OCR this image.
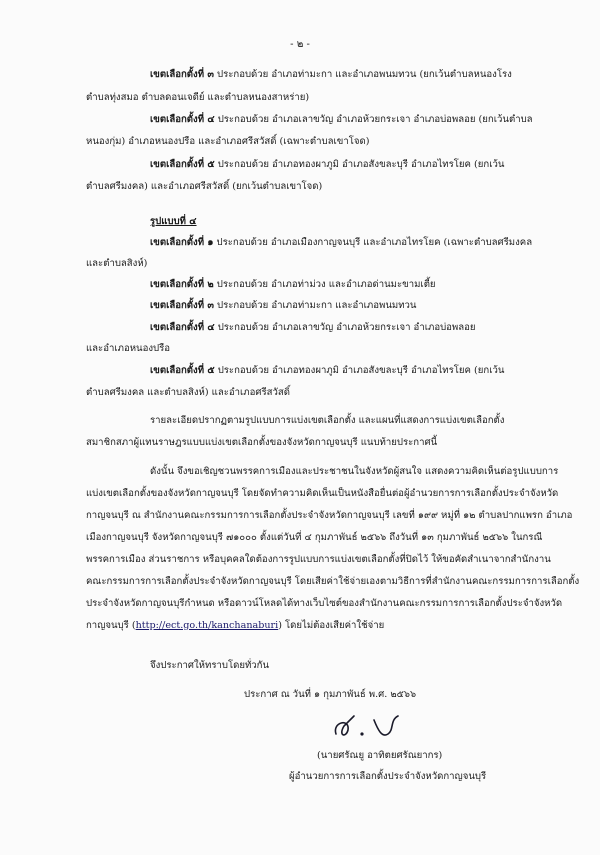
- ๒ -
เขตเลือกตั้งที่ ๓ ประกอบด้วย อำเภอท่ามะกา และอำเภอพนมทวน (ยกเว้นตำบลหนองโรง
ตำบลทุ่งสมอ ตำบลดอนเจดีย์ และตำบลหนองสาหร่าย)
เขตเลือกตั้งที่ ๔ ประกอบด้วย อำเภอเลาขวัญ อำเภอห้วยกระเจา อำเภอบ่อพลอย (ยกเว้นตำบล
หนองกุ่ม) อำเภอหนองปรือ และอำเภอศรีสวัสดิ์ (เฉพาะตำบลเขาโจด)
เขตเลือกตั้งที่ ๕ ประกอบด้วย อำเภอทองผาภูมิ อำเภอสังขละบุรี อำเภอไทรโยค (ยกเว้น
ตำบลศรีมงคล) และอำเภอศรีสวัสดิ์ (ยกเว้นตำบลเขาโจด)
รูปแบบที่ ๔
เขตเลือกตั้งที่ ๑ ประกอบด้วย อำเภอเมืองกาญจนบุรี และอำเภอไทรโยค (เฉพาะตำบลศรีมงคล
และตำบลสิงห์)
เขตเลือกตั้งที่ ๒ ประกอบด้วย อำเภอท่าม่วง และอำเภอด่านมะขามเตี้ย
เขตเลือกตั้งที่ ๓ ประกอบด้วย อำเภอท่ามะกา และอำเภอพนมทวน
เขตเลือกตั้งที่ ๔ ประกอบด้วย อำเภอเลาขวัญ อำเภอห้วยกระเจา อำเภอบ่อพลอย
และอำเภอหนองปรือ
เขตเลือกตั้งที่ ๕ ประกอบด้วย อำเภอทองผาภูมิ อำเภอสังขละบุรี อำเภอไทรโยค (ยกเว้น
ตำบลศรีมงคล และตำบลสิงห์) และอำเภอศรีสวัสดิ์
รายละเอียดปรากฏตามรูปแบบการแบ่งเขตเลือกตั้ง และแผนที่แสดงการแบ่งเขตเลือกตั้ง
สมาชิกสภาผู้แทนราษฎรแบบแบ่งเขตเลือกตั้งของจังหวัดกาญจนบุรี แนบท้ายประกาศนี้
ดังนั้น จึงขอเชิญชวนพรรคการเมืองและประชาชนในจังหวัดผู้สนใจ แสดงความคิดเห็นต่อรูปแบบการ
แบ่งเขตเลือกตั้งของจังหวัดกาญจนบุรี โดยจัดทำความคิดเห็นเป็นหนังสือยื่นต่อผู้อำนวยการการเลือกตั้งประจำจังหวัด
กาญจนบุรี ณ สำนักงานคณะกรรมการการเลือกตั้งประจำจังหวัดกาญจนบุรี เลขที่ ๑๙๙ หมู่ที่ ๑๒ ตำบลปากแพรก อำเภอ
เมืองกาญจนบุรี จังหวัดกาญจนบุรี ๗๑๐๐๐ ตั้งแต่วันที่ ๔ กุมภาพันธ์ ๒๕๖๖ ถึงวันที่ ๑๓ กุมภาพันธ์ ๒๕๖๖ ในกรณี
พรรคการเมือง ส่วนราชการ หรือบุคคลใดต้องการรูปแบบการแบ่งเขตเลือกตั้งที่ปิดไว้ ให้ขอคัดสำเนาจากสำนักงาน
คณะกรรมการการเลือกตั้งประจำจังหวัดกาญจนบุรี โดยเสียค่าใช้จ่ายเองตามวิธีการที่สำนักงานคณะกรรมการการเลือกตั้ง
ประจำจังหวัดกาญจนบุรีกำหนด หรือดาวน์โหลดได้ทางเว็บไซต์ของสำนักงานคณะกรรมการการเลือกตั้งประจำจังหวัด
กาญจนบุรี (http://ect.go.th/kanchanaburi) โดยไม่ต้องเสียค่าใช้จ่าย
จึงประกาศให้ทราบโดยทั่วกัน
ประกาศ ณ วันที่ ๑ กุมภาพันธ์ พ.ศ. ๒๕๖๖
(นายศรัณยู อาทิตยศรัณยากร)
ผู้อำนวยการการเลือกตั้งประจำจังหวัดกาญจนบุรี
